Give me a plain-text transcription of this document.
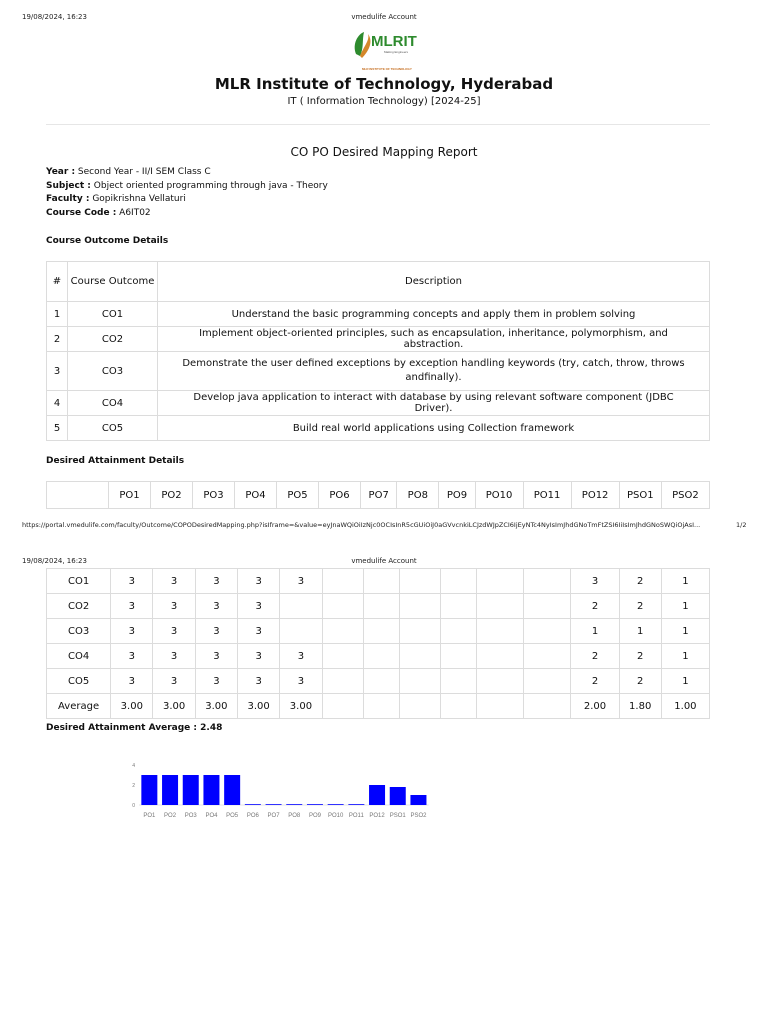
19/08/2024, 16:23	vmedulife Account
MLRIT
Making Engineers
MLR INSTITUTE OF TECHNOLOGY
MLR Institute of Technology, Hyderabad
IT ( Information Technology) [2024-25]
CO PO Desired Mapping Report
Year : Second Year - II/I SEM Class C
Subject : Object oriented programming through java - Theory
Faculty : Gopikrishna Vellaturi
Course Code : A6IT02
Course Outcome Details
#	Course Outcome	Description
1	CO1	Understand the basic programming concepts and apply them in problem solving
2	CO2	Implement object-oriented principles, such as encapsulation, inheritance, polymorphism, and abstraction.
3	CO3	Demonstrate the user defined exceptions by exception handling keywords (try, catch, throw, throws andfinally).
4	CO4	Develop java application to interact with database by using relevant software component (JDBC Driver).
5	CO5	Build real world applications using Collection framework
Desired Attainment Details
	PO1	PO2	PO3	PO4	PO5	PO6	PO7	PO8	PO9	PO10	PO11	PO12	PSO1	PSO2
https://portal.vmedulife.com/faculty/Outcome/COPODesiredMapping.php?isIframe=&value=eyJnaWQiOiIzNjc0OCIsInR5cGUiOiJ0aGVvcnkiLCJzdWJpZCI6IjEyNTc4NyIsImJhdGNoTmFtZSI6IiIsImJhdGNoSWQiOjAsI...	1/2
19/08/2024, 16:23	vmedulife Account
CO1	3	3	3	3	3							3	2	1
CO2	3	3	3	3								2	2	1
CO3	3	3	3	3								1	1	1
CO4	3	3	3	3	3							2	2	1
CO5	3	3	3	3	3							2	2	1
Average	3.00	3.00	3.00	3.00	3.00							2.00	1.80	1.00
Desired Attainment Average : 2.48
0
2
4
PO1 PO2 PO3 PO4 PO5 PO6 PO7 PO8 PO9 PO10 PO11 PO12 PSO1 PSO2
